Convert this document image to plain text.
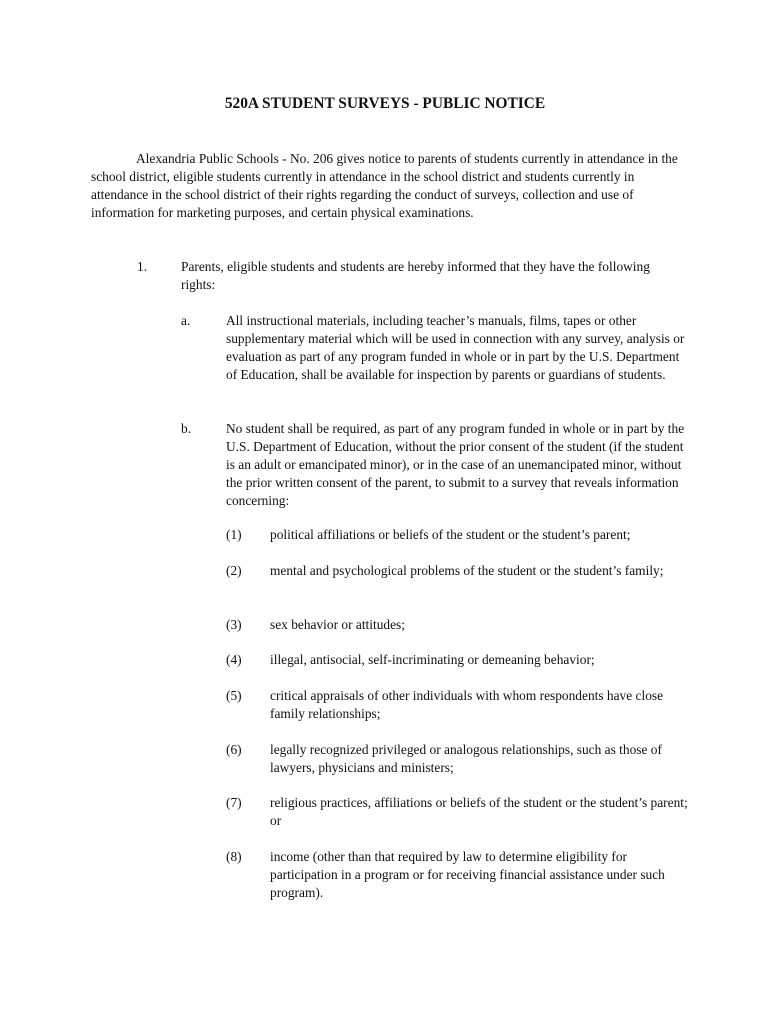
520A STUDENT SURVEYS - PUBLIC NOTICE

Alexandria Public Schools - No. 206 gives notice to parents of students currently in attendance in the school district, eligible students currently in attendance in the school district and students currently in attendance in the school district of their rights regarding the conduct of surveys, collection and use of information for marketing purposes, and certain physical examinations.

1.	Parents, eligible students and students are hereby informed that they have the following rights:

a.	All instructional materials, including teacher’s manuals, films, tapes or other supplementary material which will be used in connection with any survey, analysis or evaluation as part of any program funded in whole or in part by the U.S. Department of Education, shall be available for inspection by parents or guardians of students.

b.	No student shall be required, as part of any program funded in whole or in part by the U.S. Department of Education, without the prior consent of the student (if the student is an adult or emancipated minor), or in the case of an unemancipated minor, without the prior written consent of the parent, to submit to a survey that reveals information concerning:

(1) political affiliations or beliefs of the student or the student’s parent;

(2) mental and psychological problems of the student or the student’s family;

(3) sex behavior or attitudes;

(4) illegal, antisocial, self-incriminating or demeaning behavior;

(5) critical appraisals of other individuals with whom respondents have close family relationships;

(6) legally recognized privileged or analogous relationships, such as those of lawyers, physicians and ministers;

(7) religious practices, affiliations or beliefs of the student or the student’s parent; or

(8) income (other than that required by law to determine eligibility for participation in a program or for receiving financial assistance under such program).
